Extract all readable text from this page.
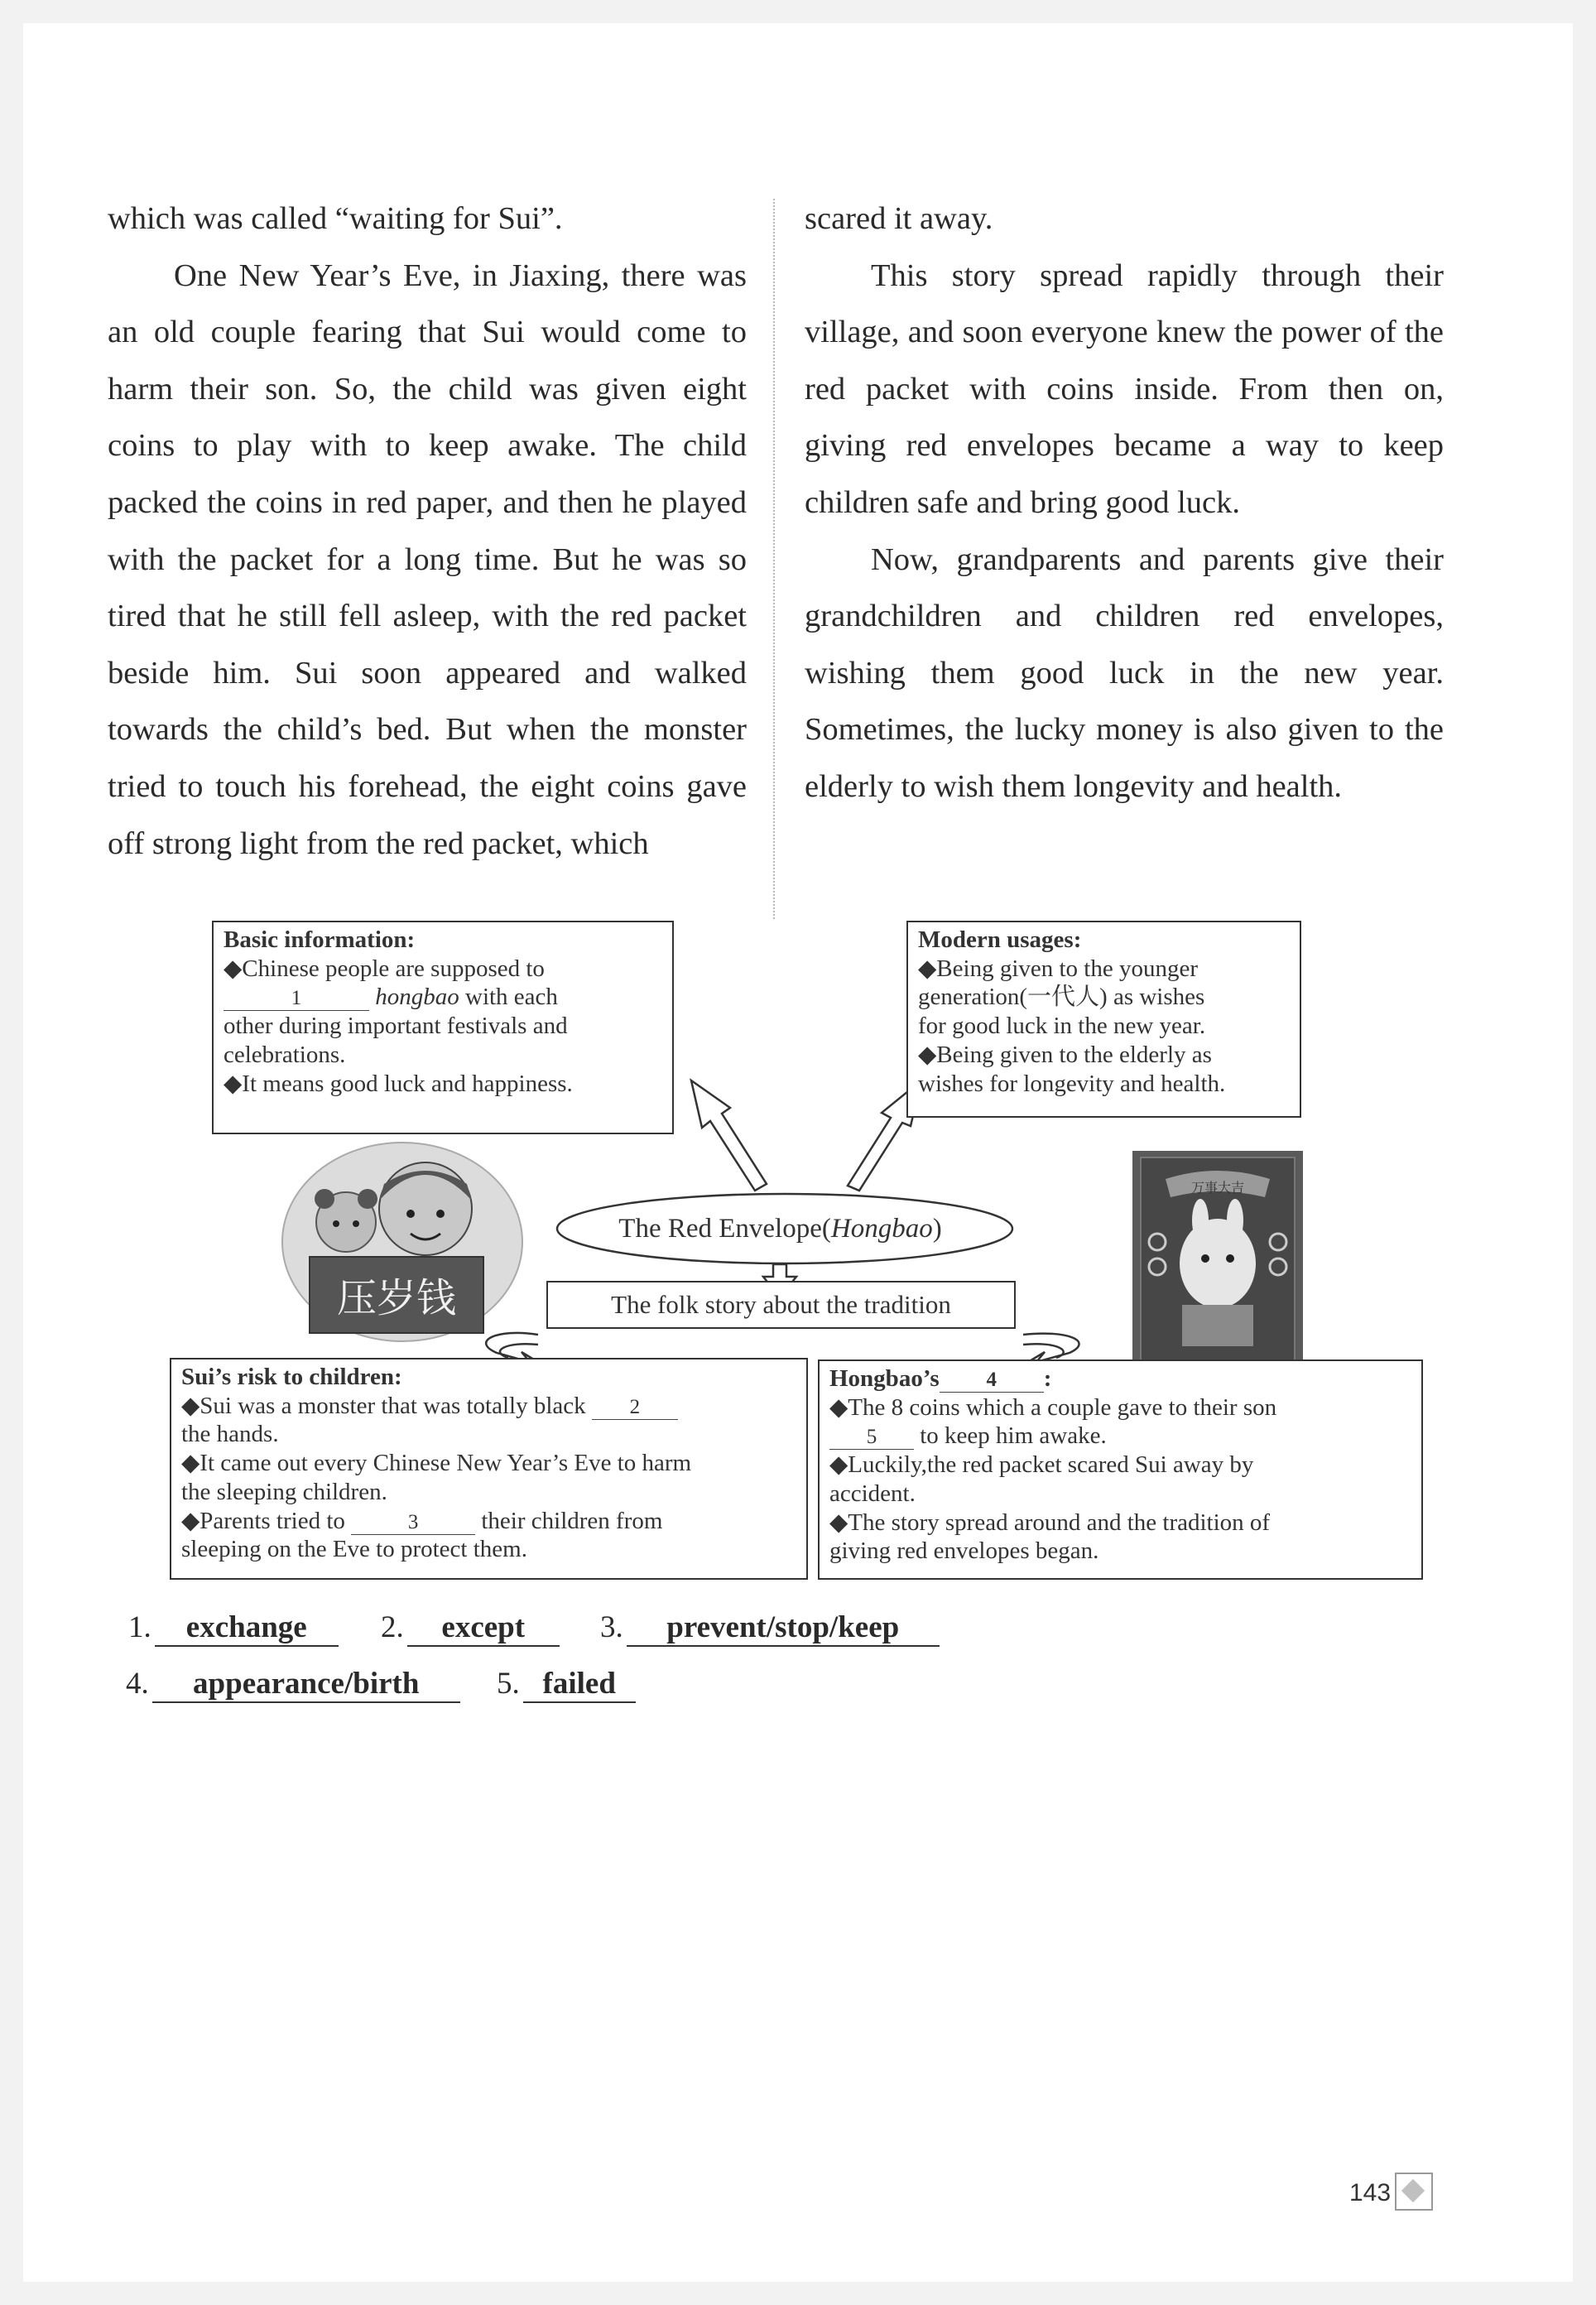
which was called “waiting for Sui”.

One New Year’s Eve, in Jiaxing, there was an old couple fearing that Sui would come to harm their son. So, the child was given eight coins to play with to keep awake. The child packed the coins in red paper, and then he played with the packet for a long time. But he was so tired that he still fell asleep, with the red packet beside him. Sui soon appeared and walked towards the child’s bed. But when the monster tried to touch his forehead, the eight coins gave off strong light from the red packet, which

scared it away.

This story spread rapidly through their village, and soon everyone knew the power of the red packet with coins inside. From then on, giving red envelopes became a way to keep children safe and bring good luck.

Now, grandparents and parents give their grandchildren and children red envelopes, wishing them good luck in the new year. Sometimes, the lucky money is also given to the elderly to wish them longevity and health.

The Red Envelope(Hongbao)
The folk story about the tradition
压岁钱
万事大吉
Basic information:
◆Chinese people are supposed to
1	hongbao with each
other during important festivals and
celebrations.
◆It means good luck and happiness.
Modern usages:
◆Being given to the younger
generation(一代人) as wishes
for good luck in the new year.
◆Being given to the elderly as
wishes for longevity and health.
Sui’s risk to children:
◆Sui was a monster that was totally black 2
the hands.
◆It came out every Chinese New Year’s Eve to harm
the sleeping children.
◆Parents tried to	3 their children from
sleeping on the Eve to protect them.
Hongbao’s 4 :
◆The 8 coins which a couple gave to their son
5 to keep him awake.
◆Luckily,the red packet scared Sui away by
accident.
◆The story spread around and the tradition of
giving red envelopes began.
1. exchange	2. except	3. prevent/stop/keep
4. appearance/birth	5. failed
143
